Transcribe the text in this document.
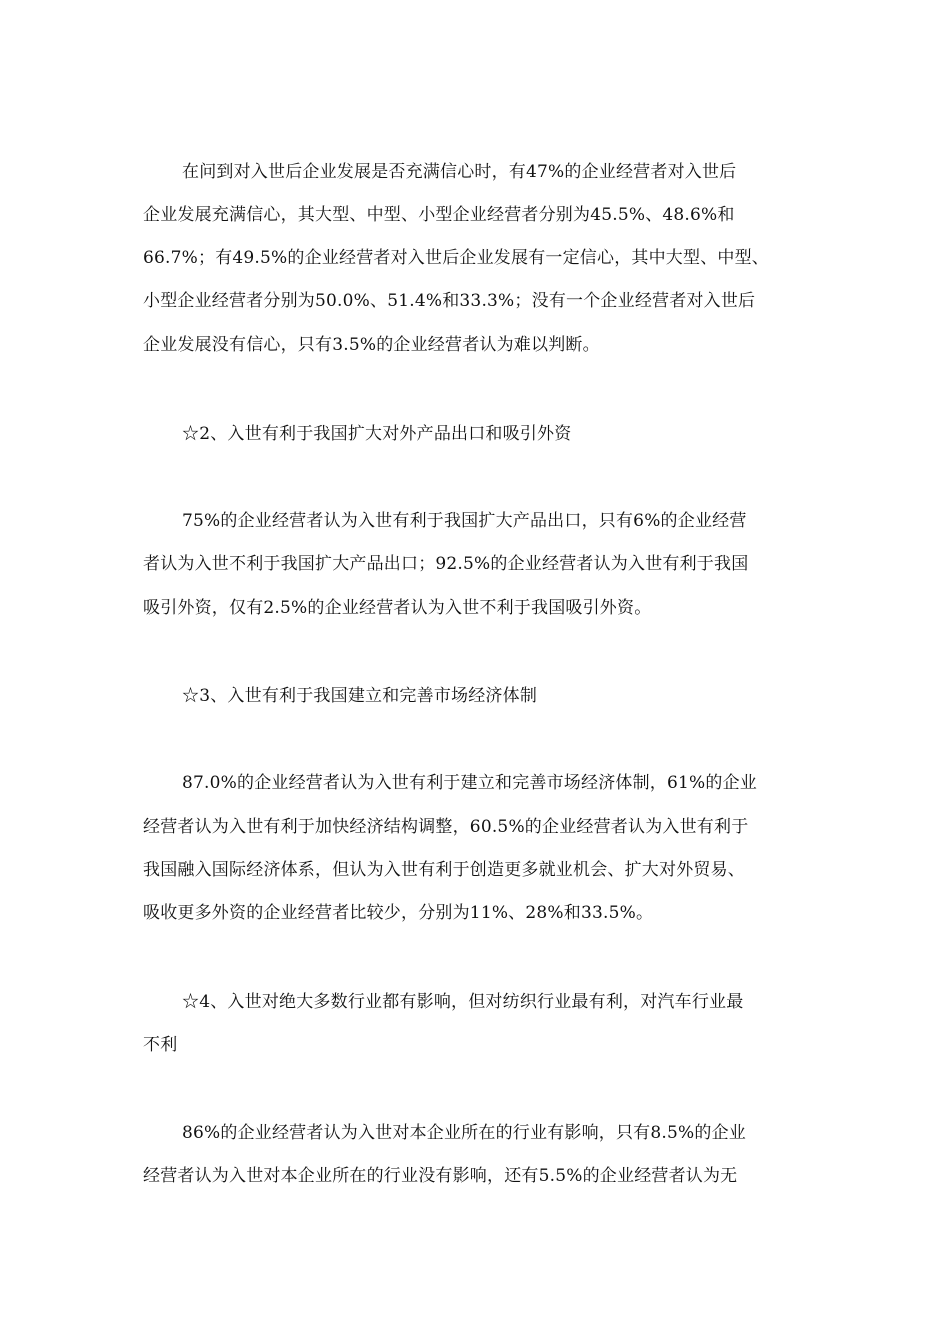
在问到对入世后企业发展是否充满信心时，有47%的企业经营者对入世后
企业发展充满信心，其大型、中型、小型企业经营者分别为45.5%、48.6%和
66.7%；有49.5%的企业经营者对入世后企业发展有一定信心，其中大型、中型、
小型企业经营者分别为50.0%、51.4%和33.3%；没有一个企业经营者对入世后
企业发展没有信心，只有3.5%的企业经营者认为难以判断。
☆2、入世有利于我国扩大对外产品出口和吸引外资
75%的企业经营者认为入世有利于我国扩大产品出口，只有6%的企业经营
者认为入世不利于我国扩大产品出口；92.5%的企业经营者认为入世有利于我国
吸引外资，仅有2.5%的企业经营者认为入世不利于我国吸引外资。
☆3、入世有利于我国建立和完善市场经济体制
87.0%的企业经营者认为入世有利于建立和完善市场经济体制，61%的企业
经营者认为入世有利于加快经济结构调整，60.5%的企业经营者认为入世有利于
我国融入国际经济体系，但认为入世有利于创造更多就业机会、扩大对外贸易、
吸收更多外资的企业经营者比较少，分别为11%、28%和33.5%。
☆4、入世对绝大多数行业都有影响，但对纺织行业最有利，对汽车行业最
不利
86%的企业经营者认为入世对本企业所在的行业有影响，只有8.5%的企业
经营者认为入世对本企业所在的行业没有影响，还有5.5%的企业经营者认为无
